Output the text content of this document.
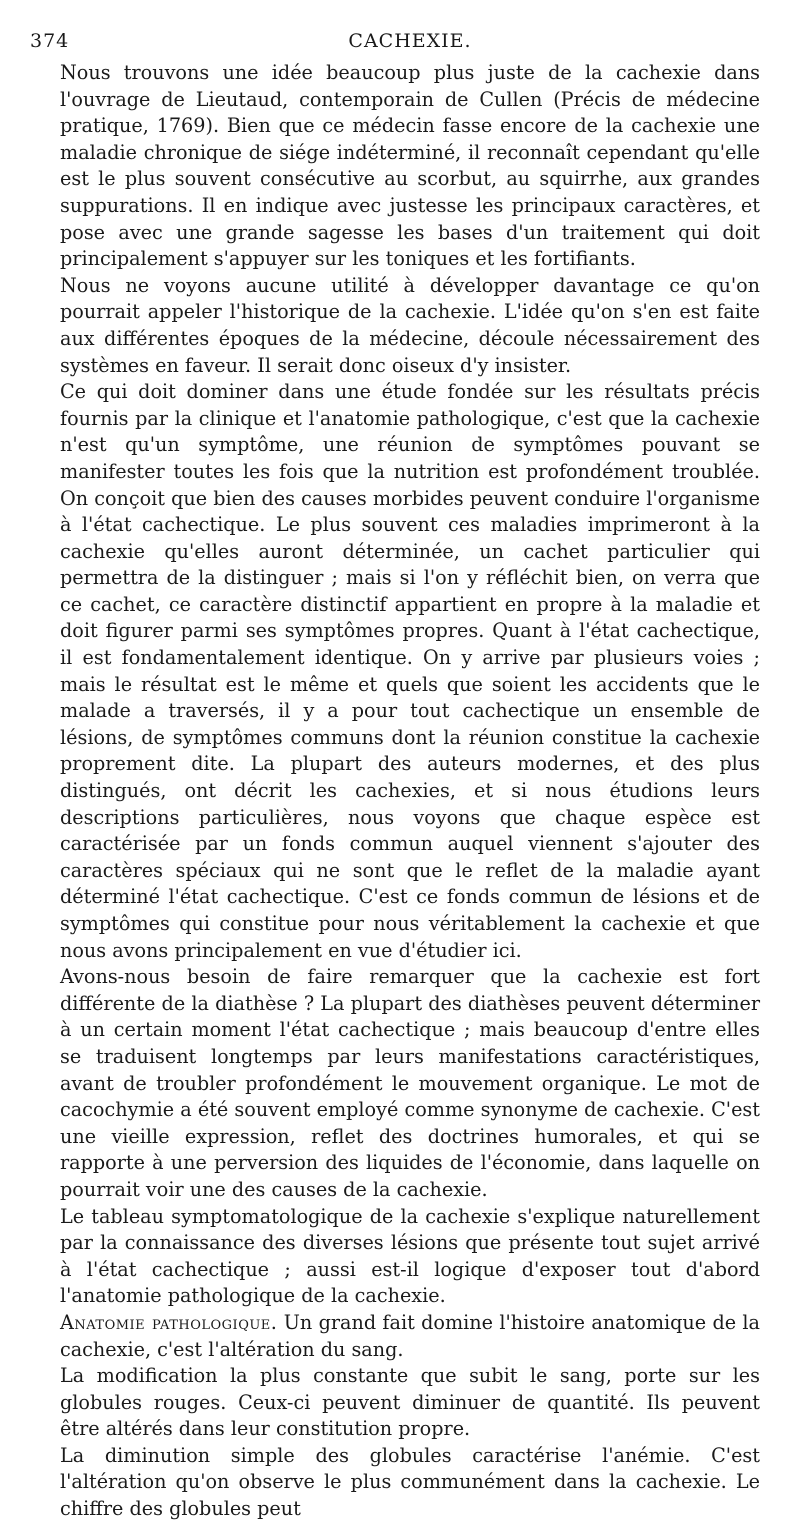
374	CACHEXIE.

Nous trouvons une idée beaucoup plus juste de la cachexie dans l'ouvrage de Lieutaud, contemporain de Cullen (Précis de médecine pratique, 1769). Bien que ce médecin fasse encore de la cachexie une maladie chronique de siége indéterminé, il reconnaît cependant qu'elle est le plus souvent consécutive au scorbut, au squirrhe, aux grandes suppurations. Il en indique avec justesse les principaux caractères, et pose avec une grande sagesse les bases d'un traitement qui doit principalement s'appuyer sur les toniques et les fortifiants.

Nous ne voyons aucune utilité à développer davantage ce qu'on pourrait appeler l'historique de la cachexie. L'idée qu'on s'en est faite aux différentes époques de la médecine, découle nécessairement des systèmes en faveur. Il serait donc oiseux d'y insister.

Ce qui doit dominer dans une étude fondée sur les résultats précis fournis par la clinique et l'anatomie pathologique, c'est que la cachexie n'est qu'un symptôme, une réunion de symptômes pouvant se manifester toutes les fois que la nutrition est profondément troublée. On conçoit que bien des causes morbides peuvent conduire l'organisme à l'état cachectique. Le plus souvent ces maladies imprimeront à la cachexie qu'elles auront déterminée, un cachet particulier qui permettra de la distinguer ; mais si l'on y réfléchit bien, on verra que ce cachet, ce caractère distinctif appartient en propre à la maladie et doit figurer parmi ses symptômes propres. Quant à l'état cachectique, il est fondamentalement identique. On y arrive par plusieurs voies ; mais le résultat est le même et quels que soient les accidents que le malade a traversés, il y a pour tout cachectique un ensemble de lésions, de symptômes communs dont la réunion constitue la cachexie proprement dite. La plupart des auteurs modernes, et des plus distingués, ont décrit les cachexies, et si nous étudions leurs descriptions particulières, nous voyons que chaque espèce est caractérisée par un fonds commun auquel viennent s'ajouter des caractères spéciaux qui ne sont que le reflet de la maladie ayant déterminé l'état cachectique. C'est ce fonds commun de lésions et de symptômes qui constitue pour nous véritablement la cachexie et que nous avons principalement en vue d'étudier ici.

Avons-nous besoin de faire remarquer que la cachexie est fort différente de la diathèse ? La plupart des diathèses peuvent déterminer à un certain moment l'état cachectique ; mais beaucoup d'entre elles se traduisent longtemps par leurs manifestations caractéristiques, avant de troubler profondément le mouvement organique. Le mot de cacochymie a été souvent employé comme synonyme de cachexie. C'est une vieille expression, reflet des doctrines humorales, et qui se rapporte à une perversion des liquides de l'économie, dans laquelle on pourrait voir une des causes de la cachexie.

Le tableau symptomatologique de la cachexie s'explique naturellement par la connaissance des diverses lésions que présente tout sujet arrivé à l'état cachectique ; aussi est-il logique d'exposer tout d'abord l'anatomie pathologique de la cachexie.

Anatomie pathologique. Un grand fait domine l'histoire anatomique de la cachexie, c'est l'altération du sang.

La modification la plus constante que subit le sang, porte sur les globules rouges. Ceux-ci peuvent diminuer de quantité. Ils peuvent être altérés dans leur constitution propre.

La diminution simple des globules caractérise l'anémie. C'est l'altération qu'on observe le plus communément dans la cachexie. Le chiffre des globules peut
